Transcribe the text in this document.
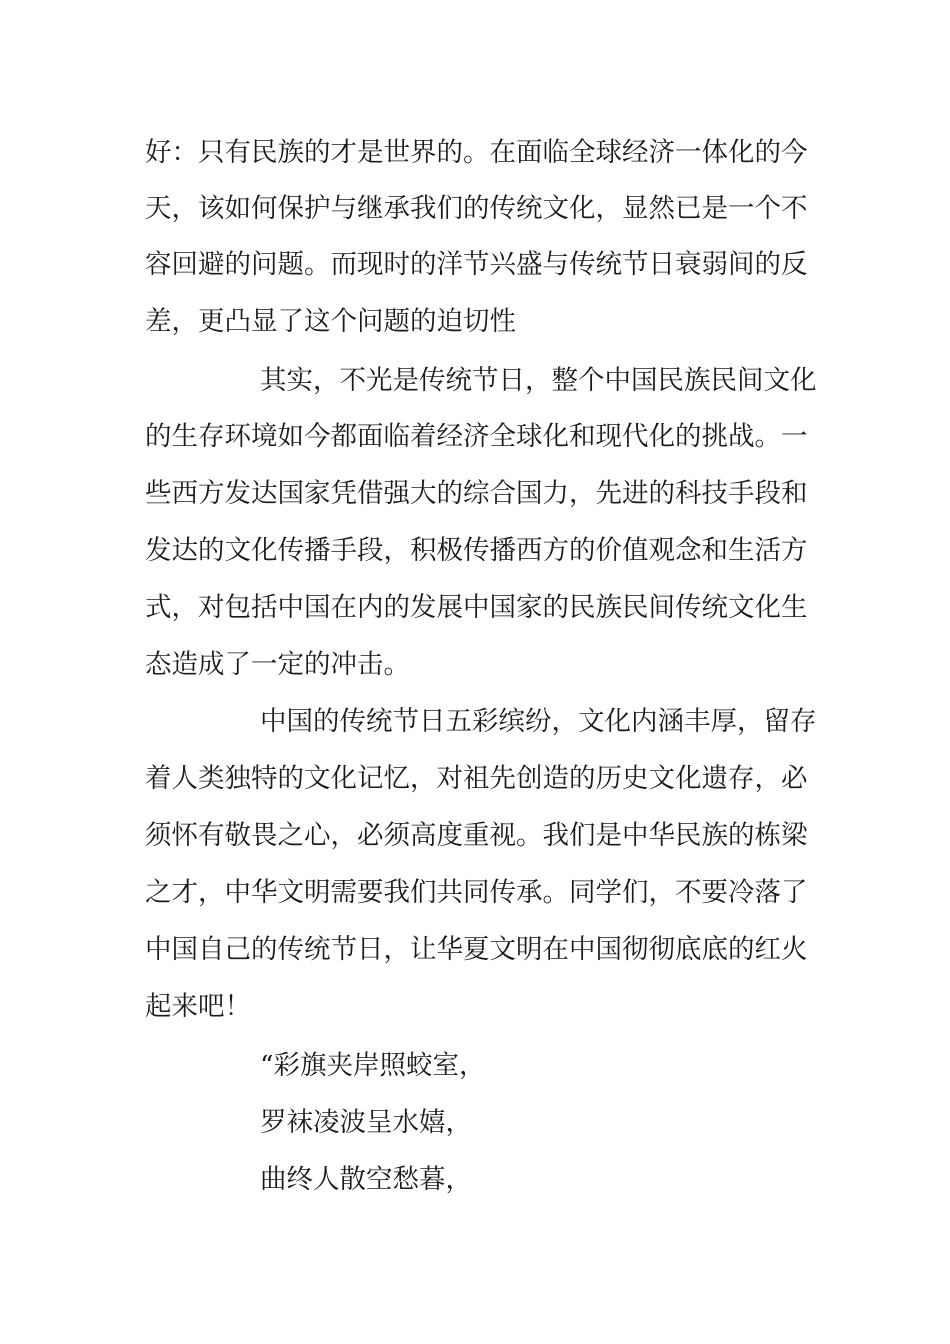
好：只有民族的才是世界的。在面临全球经济一体化的今
天，该如何保护与继承我们的传统文化，显然已是一个不
容回避的问题。而现时的洋节兴盛与传统节日衰弱间的反
差，更凸显了这个问题的迫切性
其实，不光是传统节日，整个中国民族民间文化
的生存环境如今都面临着经济全球化和现代化的挑战。一
些西方发达国家凭借强大的综合国力，先进的科技手段和
发达的文化传播手段，积极传播西方的价值观念和生活方
式，对包括中国在内的发展中国家的民族民间传统文化生
态造成了一定的冲击。
中国的传统节日五彩缤纷，文化内涵丰厚，留存
着人类独特的文化记忆，对祖先创造的历史文化遗存，必
须怀有敬畏之心，必须高度重视。我们是中华民族的栋梁
之才，中华文明需要我们共同传承。同学们，不要冷落了
中国自己的传统节日，让华夏文明在中国彻彻底底的红火
起来吧！
“彩旗夹岸照蛟室，
罗袜凌波呈水嬉，
曲终人散空愁暮，
